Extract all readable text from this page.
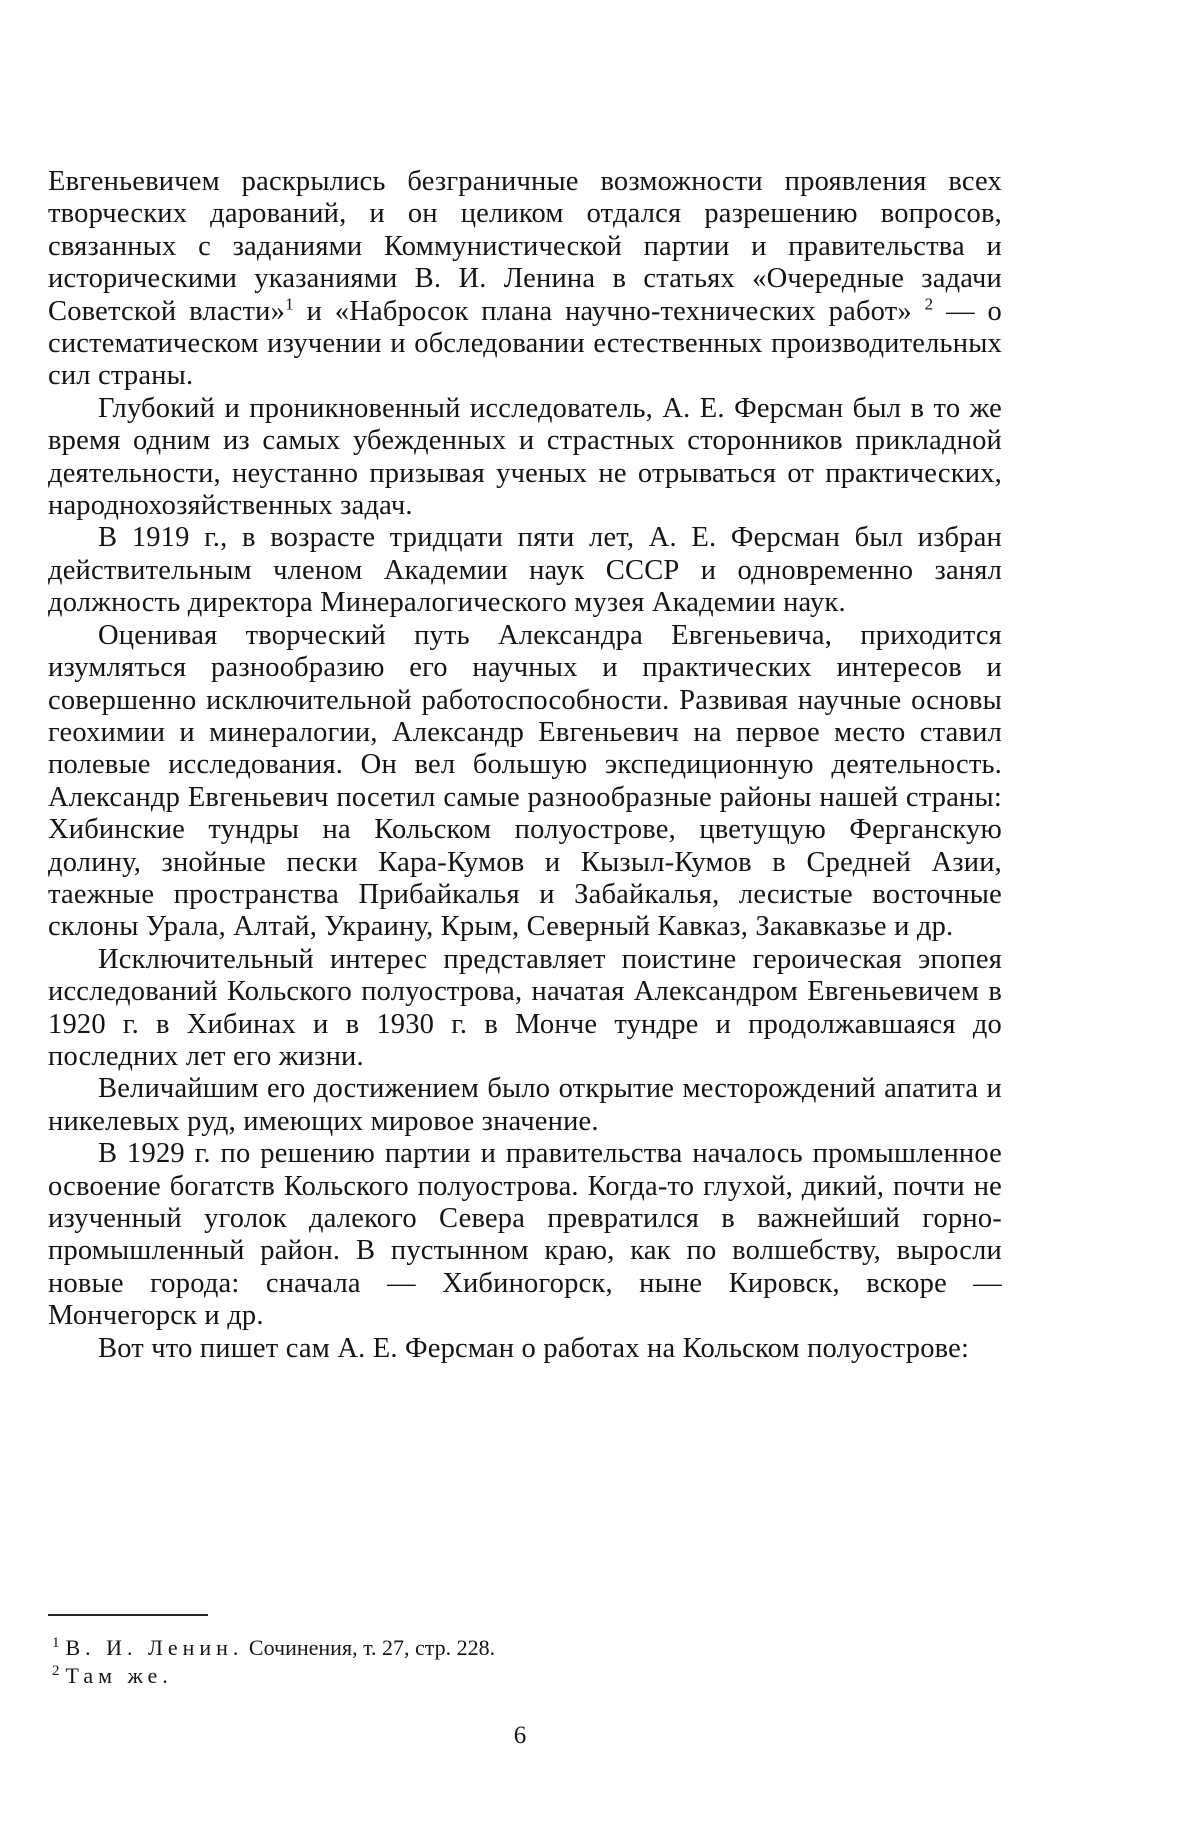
Евгеньевичем раскрылись безграничные возможности проявления всех творческих дарований, и он целиком отдался разрешению вопросов, связанных с заданиями Коммунистической партии и правительства и историческими указаниями В. И. Ленина в статьях «Очередные задачи Советской власти»$^1$ и «Набросок плана научно-технических работ» $^2$ — о систематическом изучении и обследовании естественных производительных сил страны.

Глубокий и проникновенный исследователь, А. Е. Ферсман был в то же время одним из самых убежденных и страстных сторонников прикладной деятельности, неустанно призывая ученых не отрываться от практических, народнохозяйственных задач.

В 1919 г., в возрасте тридцати пяти лет, А. Е. Ферсман был избран действительным членом Академии наук СССР и одновременно занял должность директора Минералогического музея Академии наук.

Оценивая творческий путь Александра Евгеньевича, приходится изумляться разнообразию его научных и практических интересов и совершенно исключительной работоспособности. Развивая научные основы геохимии и минералогии, Александр Евгеньевич на первое место ставил полевые исследования. Он вел большую экспедиционную деятельность. Александр Евгеньевич посетил самые разнообразные районы нашей страны: Хибинские тундры на Кольском полуострове, цветущую Ферганскую долину, знойные пески Кара-Кумов и Кызыл-Кумов в Средней Азии, таежные пространства Прибайкалья и Забайкалья, лесистые восточные склоны Урала, Алтай, Украину, Крым, Северный Кавказ, Закавказье и др.

Исключительный интерес представляет поистине героическая эпопея исследований Кольского полуострова, начатая Александром Евгеньевичем в 1920 г. в Хибинах и в 1930 г. в Монче тундре и продолжавшаяся до последних лет его жизни.

Величайшим его достижением было открытие месторождений апатита и никелевых руд, имеющих мировое значение.

В 1929 г. по решению партии и правительства началось промышленное освоение богатств Кольского полуострова. Когда-то глухой, дикий, почти не изученный уголок далекого Севера превратился в важнейший горно-промышленный район. В пустынном краю, как по волшебству, выросли новые города: сначала — Хибиногорск, ныне Кировск, вскоре — Мончегорск и др.

Вот что пишет сам А. Е. Ферсман о работах на Кольском полуострове:

$^1$ В. И. Ленин. Сочинения, т. 27, стр. 228.

$^2$ Там же.

6
